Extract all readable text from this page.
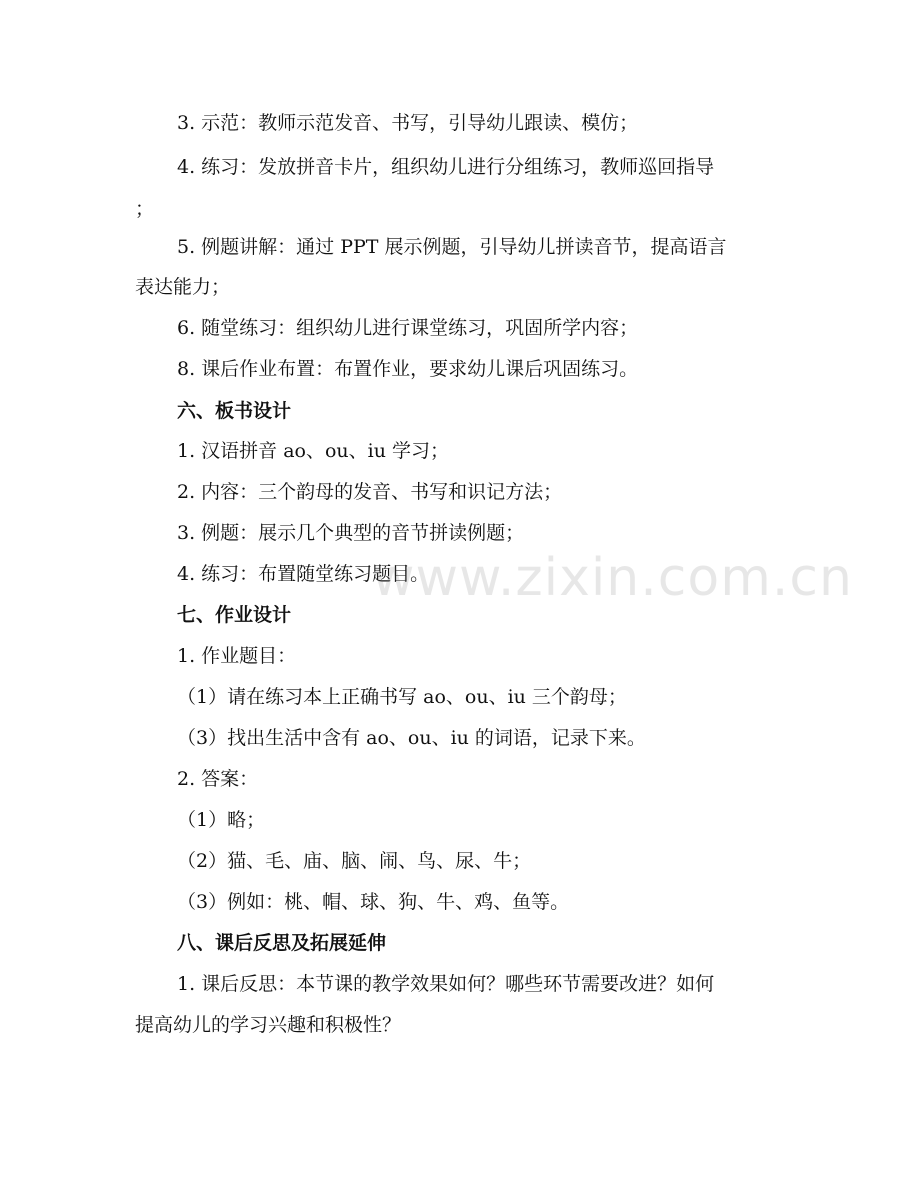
3. 示范：教师示范发音、书写，引导幼儿跟读、模仿；
4. 练习：发放拼音卡片，组织幼儿进行分组练习，教师巡回指导
；
5. 例题讲解：通过 PPT 展示例题，引导幼儿拼读音节，提高语言
表达能力；
6. 随堂练习：组织幼儿进行课堂练习，巩固所学内容；
8. 课后作业布置：布置作业，要求幼儿课后巩固练习。
六、板书设计
1. 汉语拼音 ao、ou、iu 学习；
2. 内容：三个韵母的发音、书写和识记方法；
3. 例题：展示几个典型的音节拼读例题；
4. 练习：布置随堂练习题目。
七、作业设计
1. 作业题目：
（1）请在练习本上正确书写 ao、ou、iu 三个韵母；
（3）找出生活中含有 ao、ou、iu 的词语，记录下来。
2. 答案：
（1）略；
（2）猫、毛、庙、脑、闹、鸟、尿、牛；
（3）例如：桃、帽、球、狗、牛、鸡、鱼等。
八、课后反思及拓展延伸
1. 课后反思：本节课的教学效果如何？哪些环节需要改进？如何
提高幼儿的学习兴趣和积极性？
www.zixin.com.cn
